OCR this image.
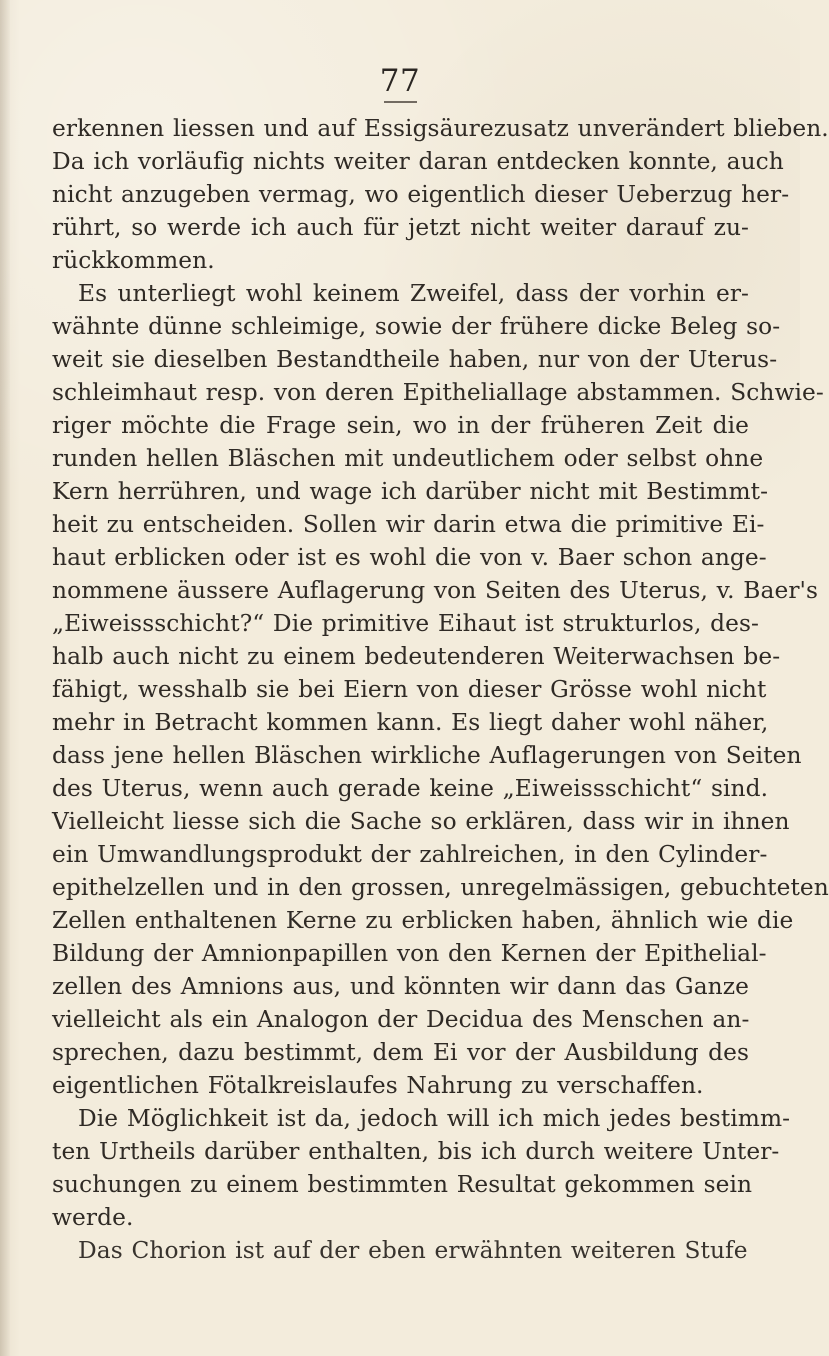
77
erkennen liessen und auf Essigsäurezusatz unverändert blieben.
Da ich vorläufig nichts weiter daran entdecken konnte, auch
nicht anzugeben vermag, wo eigentlich dieser Ueberzug her-
rührt, so werde ich auch für jetzt nicht weiter darauf zu-
rückkommen.
Es unterliegt wohl keinem Zweifel, dass der vorhin er-
wähnte dünne schleimige, sowie der frühere dicke Beleg so-
weit sie dieselben Bestandtheile haben, nur von der Uterus-
schleimhaut resp. von deren Epitheliallage abstammen. Schwie-
riger möchte die Frage sein, wo in der früheren Zeit die
runden hellen Bläschen mit undeutlichem oder selbst ohne
Kern herrühren, und wage ich darüber nicht mit Bestimmt-
heit zu entscheiden. Sollen wir darin etwa die primitive Ei-
haut erblicken oder ist es wohl die von v. Baer schon ange-
nommene äussere Auflagerung von Seiten des Uterus, v. Baer's
„Eiweissschicht?“ Die primitive Eihaut ist strukturlos, des-
halb auch nicht zu einem bedeutenderen Weiterwachsen be-
fähigt, wesshalb sie bei Eiern von dieser Grösse wohl nicht
mehr in Betracht kommen kann. Es liegt daher wohl näher,
dass jene hellen Bläschen wirkliche Auflagerungen von Seiten
des Uterus, wenn auch gerade keine „Eiweissschicht“ sind.
Vielleicht liesse sich die Sache so erklären, dass wir in ihnen
ein Umwandlungsprodukt der zahlreichen, in den Cylinder-
epithelzellen und in den grossen, unregelmässigen, gebuchteten
Zellen enthaltenen Kerne zu erblicken haben, ähnlich wie die
Bildung der Amnionpapillen von den Kernen der Epithelial-
zellen des Amnions aus, und könnten wir dann das Ganze
vielleicht als ein Analogon der Decidua des Menschen an-
sprechen, dazu bestimmt, dem Ei vor der Ausbildung des
eigentlichen Fötalkreislaufes Nahrung zu verschaffen.
Die Möglichkeit ist da, jedoch will ich mich jedes bestimm-
ten Urtheils darüber enthalten, bis ich durch weitere Unter-
suchungen zu einem bestimmten Resultat gekommen sein
werde.
Das Chorion ist auf der eben erwähnten weiteren Stufe
